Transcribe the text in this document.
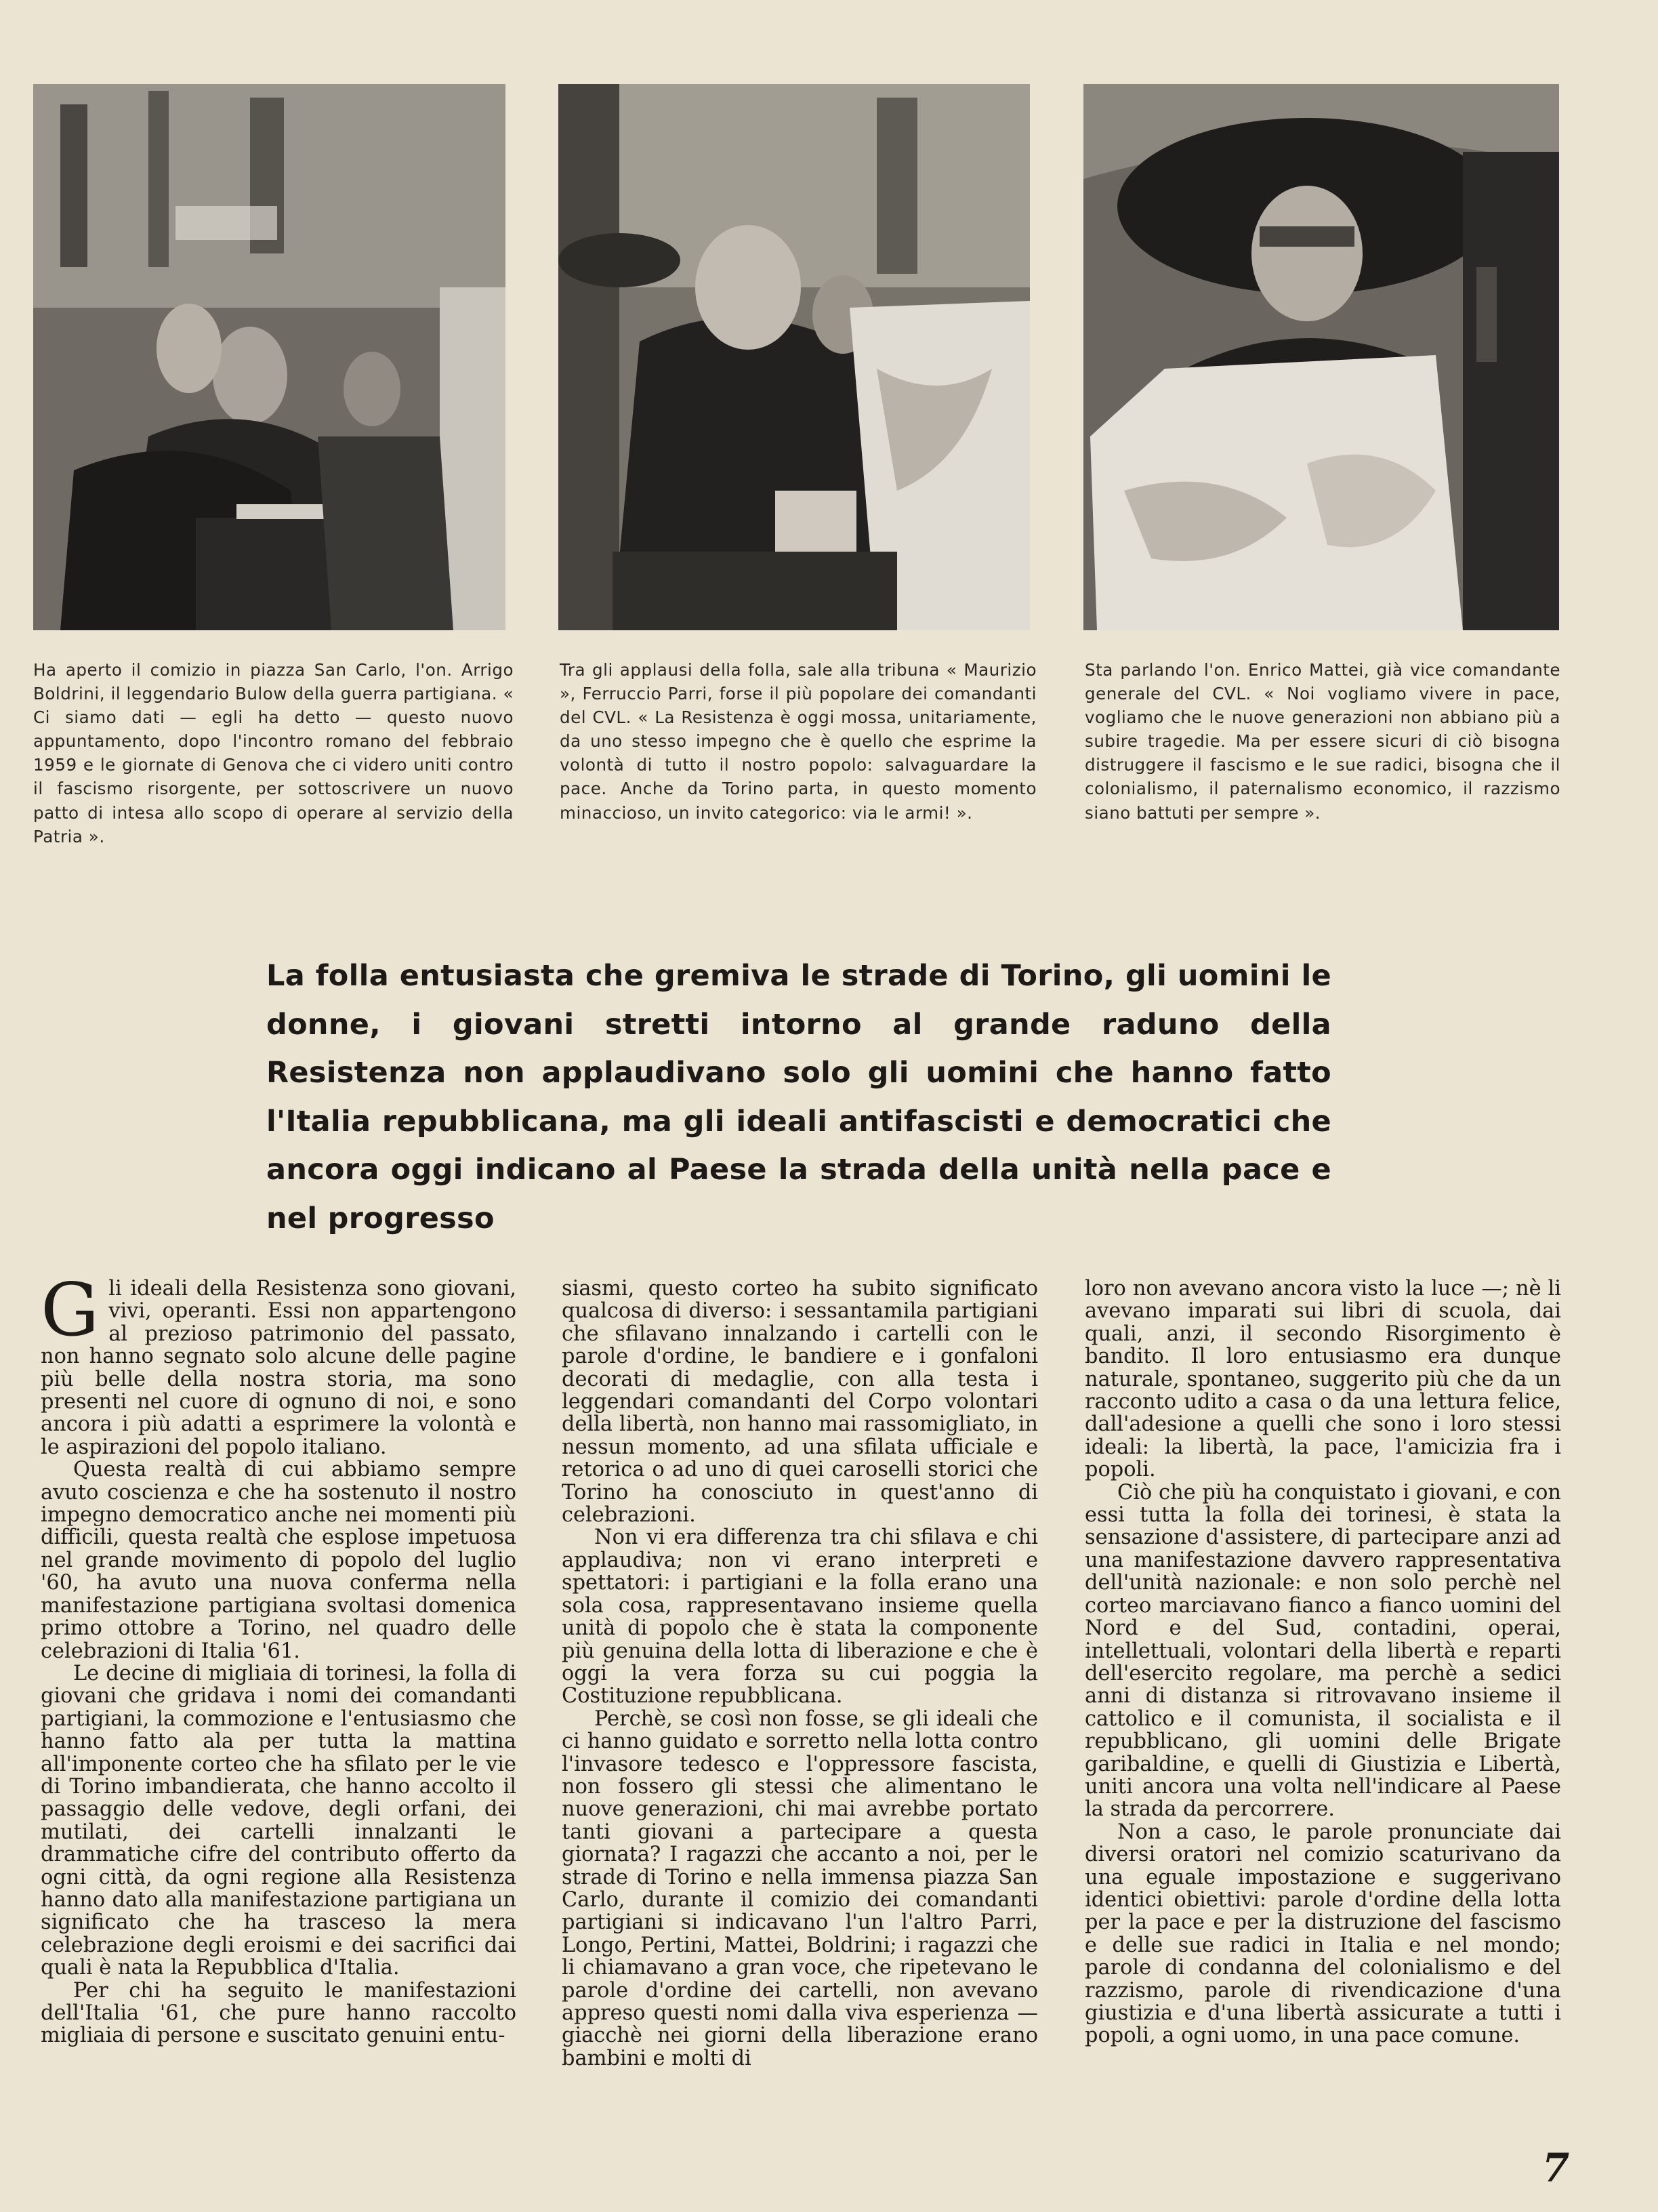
Ha aperto il comizio in piazza San Carlo, l'on. Arrigo Boldrini, il leggendario Bulow della guerra partigiana. « Ci siamo dati — egli ha detto — questo nuovo appuntamento, dopo l'incontro romano del febbraio 1959 e le giornate di Genova che ci videro uniti contro il fascismo risorgente, per sottoscrivere un nuovo patto di intesa allo scopo di operare al servizio della Patria ».

Tra gli applausi della folla, sale alla tribuna « Maurizio », Ferruccio Parri, forse il più popolare dei comandanti del CVL. « La Resistenza è oggi mossa, unitariamente, da uno stesso impegno che è quello che esprime la volontà di tutto il nostro popolo: salvaguardare la pace. Anche da Torino parta, in questo momento minaccioso, un invito categorico: via le armi! ».

Sta parlando l'on. Enrico Mattei, già vice comandante generale del CVL. « Noi vogliamo vivere in pace, vogliamo che le nuove generazioni non abbiano più a subire tragedie. Ma per essere sicuri di ciò bisogna distruggere il fascismo e le sue radici, bisogna che il colonialismo, il paternalismo economico, il razzismo siano battuti per sempre ».

La folla entusiasta che gremiva le strade di Torino, gli uomini le donne, i giovani stretti intorno al grande raduno della Resistenza non applaudivano solo gli uomini che hanno fatto l'Italia repubblicana, ma gli ideali antifascisti e democratici che ancora oggi indicano al Paese la strada della unità nella pace e nel progresso

G li ideali della Resistenza sono giovani, vivi, operanti. Essi non appartengono al prezioso patrimonio del passato, non hanno segnato solo alcune delle pagine più belle della nostra storia, ma sono presenti nel cuore di ognuno di noi, e sono ancora i più adatti a esprimere la volontà e le aspirazioni del popolo italiano.

Questa realtà di cui abbiamo sempre avuto coscienza e che ha sostenuto il nostro impegno democratico anche nei momenti più difficili, questa realtà che esplose impetuosa nel grande movimento di popolo del luglio '60, ha avuto una nuova conferma nella manifestazione partigiana svoltasi domenica primo ottobre a Torino, nel quadro delle celebrazioni di Italia '61.

Le decine di migliaia di torinesi, la folla di giovani che gridava i nomi dei comandanti partigiani, la commozione e l'entusiasmo che hanno fatto ala per tutta la mattina all'imponente corteo che ha sfilato per le vie di Torino imbandierata, che hanno accolto il passaggio delle vedove, degli orfani, dei mutilati, dei cartelli innalzanti le drammatiche cifre del contributo offerto da ogni città, da ogni regione alla Resistenza hanno dato alla manifestazione partigiana un significato che ha trasceso la mera celebrazione degli eroismi e dei sacrifici dai quali è nata la Repubblica d'Italia.

Per chi ha seguito le manifestazioni dell'Italia '61, che pure hanno raccolto migliaia di persone e suscitato genuini entu-

siasmi, questo corteo ha subito significato qualcosa di diverso: i sessantamila partigiani che sfilavano innalzando i cartelli con le parole d'ordine, le bandiere e i gonfaloni decorati di medaglie, con alla testa i leggendari comandanti del Corpo volontari della libertà, non hanno mai rassomigliato, in nessun momento, ad una sfilata ufficiale e retorica o ad uno di quei caroselli storici che Torino ha conosciuto in quest'anno di celebrazioni.

Non vi era differenza tra chi sfilava e chi applaudiva; non vi erano interpreti e spettatori: i partigiani e la folla erano una sola cosa, rappresentavano insieme quella unità di popolo che è stata la componente più genuina della lotta di liberazione e che è oggi la vera forza su cui poggia la Costituzione repubblicana.

Perchè, se così non fosse, se gli ideali che ci hanno guidato e sorretto nella lotta contro l'invasore tedesco e l'oppressore fascista, non fossero gli stessi che alimentano le nuove generazioni, chi mai avrebbe portato tanti giovani a partecipare a questa giornata? I ragazzi che accanto a noi, per le strade di Torino e nella immensa piazza San Carlo, durante il comizio dei comandanti partigiani si indicavano l'un l'altro Parri, Longo, Pertini, Mattei, Boldrini; i ragazzi che li chiamavano a gran voce, che ripetevano le parole d'ordine dei cartelli, non avevano appreso questi nomi dalla viva esperienza — giacchè nei giorni della liberazione erano bambini e molti di

loro non avevano ancora visto la luce —; nè li avevano imparati sui libri di scuola, dai quali, anzi, il secondo Risorgimento è bandito. Il loro entusiasmo era dunque naturale, spontaneo, suggerito più che da un racconto udito a casa o da una lettura felice, dall'adesione a quelli che sono i loro stessi ideali: la libertà, la pace, l'amicizia fra i popoli.

Ciò che più ha conquistato i giovani, e con essi tutta la folla dei torinesi, è stata la sensazione d'assistere, di partecipare anzi ad una manifestazione davvero rappresentativa dell'unità nazionale: e non solo perchè nel corteo marciavano fianco a fianco uomini del Nord e del Sud, contadini, operai, intellettuali, volontari della libertà e reparti dell'esercito regolare, ma perchè a sedici anni di distanza si ritrovavano insieme il cattolico e il comunista, il socialista e il repubblicano, gli uomini delle Brigate garibaldine, e quelli di Giustizia e Libertà, uniti ancora una volta nell'indicare al Paese la strada da percorrere.

Non a caso, le parole pronunciate dai diversi oratori nel comizio scaturivano da una eguale impostazione e suggerivano identici obiettivi: parole d'ordine della lotta per la pace e per la distruzione del fascismo e delle sue radici in Italia e nel mondo; parole di condanna del colonialismo e del razzismo, parole di rivendicazione d'una giustizia e d'una libertà assicurate a tutti i popoli, a ogni uomo, in una pace comune.

7
